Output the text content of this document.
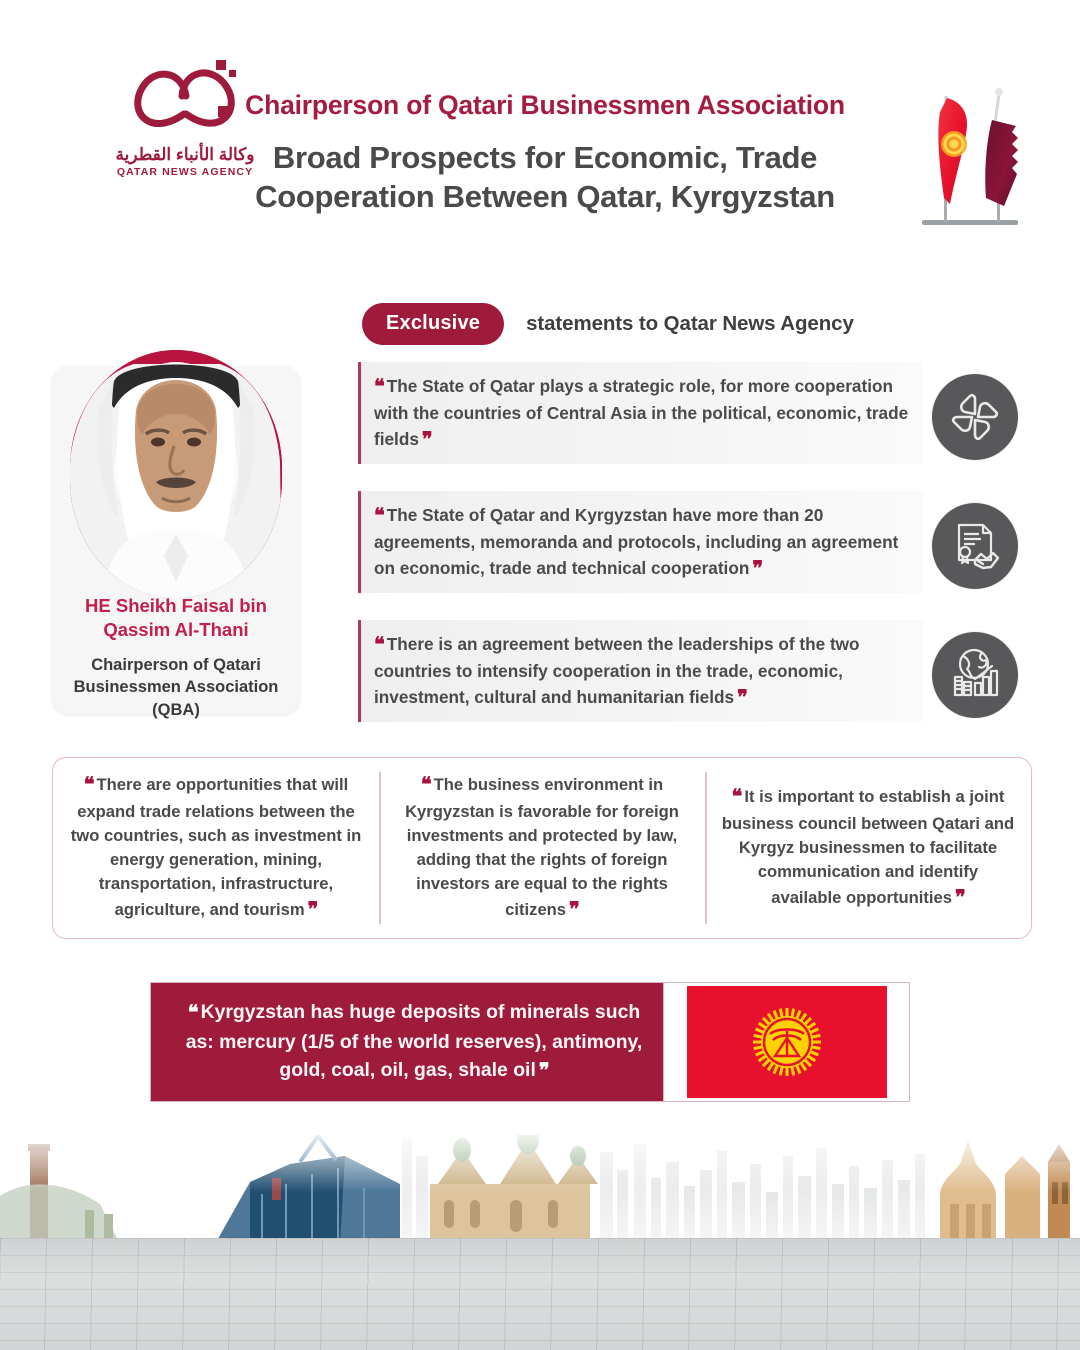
وكالة الأنباء القطرية
QATAR NEWS AGENCY
Chairperson of Qatari Businessmen Association
Broad Prospects for Economic, Trade
Cooperation Between Qatar, Kyrgyzstan
Exclusive	statements to Qatar News Agency
HE Sheikh Faisal bin Qassim Al-Thani
Chairperson of Qatari Businessmen Association (QBA)
❝ The State of Qatar plays a strategic role, for more cooperation with the countries of Central Asia in the political, economic, trade fields ❞
❝ The State of Qatar and Kyrgyzstan have more than 20 agreements, memoranda and protocols, including an agreement on economic, trade and technical cooperation ❞
❝ There is an agreement between the leaderships of the two countries to intensify cooperation in the trade, economic, investment, cultural and humanitarian fields ❞
❝ There are opportunities that will expand trade relations between the two countries, such as investment in energy generation, mining, transportation, infrastructure, agriculture, and tourism ❞
❝ The business environment in Kyrgyzstan is favorable for foreign investments and protected by law, adding that the rights of foreign investors are equal to the rights citizens ❞
❝ It is important to establish a joint business council between Qatari and Kyrgyz businessmen to facilitate communication and identify available opportunities ❞
❝ Kyrgyzstan has huge deposits of minerals such as: mercury (1/5 of the world reserves), antimony, gold, coal, oil, gas, shale oil ❞
